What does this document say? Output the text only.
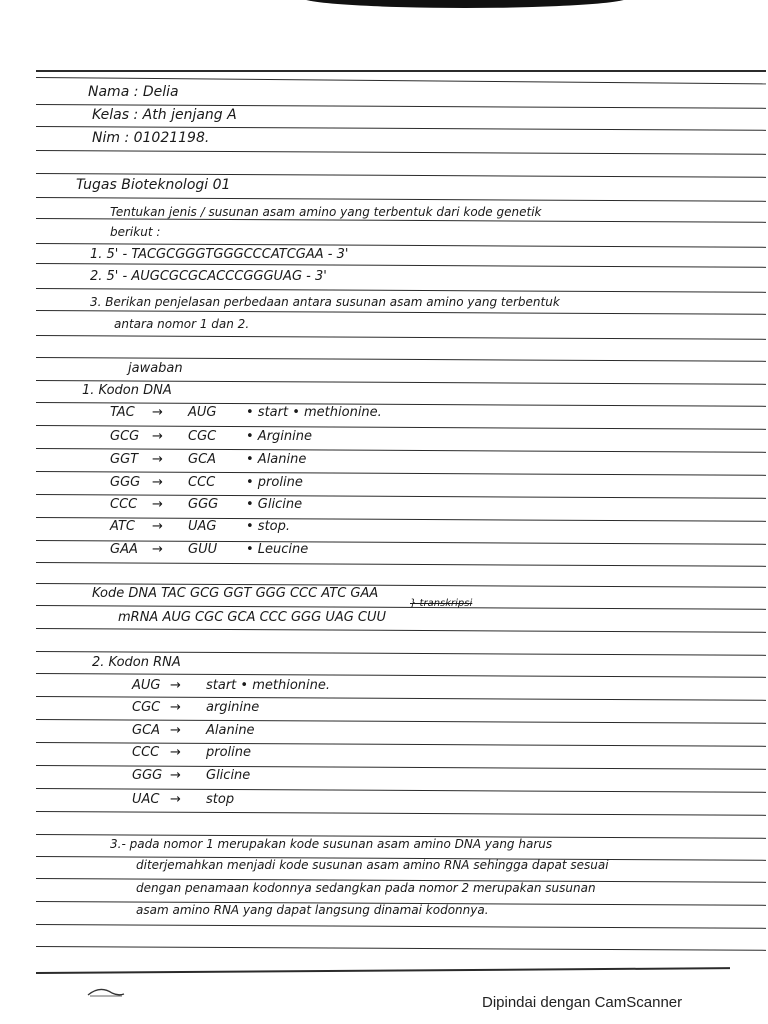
Nama : Delia
Kelas : Ath jenjang A
Nim : 01021198.
Tugas Bioteknologi 01
Tentukan jenis / susunan asam amino yang terbentuk dari kode genetik
berikut :
1. 5' - TACGCGGGTGGGCCCATCGAA - 3'
2. 5' - AUGCGCGCACCCGGGUAG - 3'
3. Berikan penjelasan perbedaan antara susunan asam amino yang terbentuk
antara nomor 1 dan 2.
jawaban
1. Kodon DNA
TAC → AUG • start • methionine.
GCG → CGC • Arginine
GGT → GCA • Alanine
GGG → CCC • proline
CCC → GGG • Glicine
ATC → UAG • stop.
GAA → GUU • Leucine
Kode DNA TAC GCG GGT GGG CCC ATC GAA
mRNA AUG CGC GCA CCC GGG UAG CUU
} transkripsi
2. Kodon RNA
AUG → start • methionine.
CGC → arginine
GCA → Alanine
CCC → proline
GGG → Glicine
UAC → stop
3.- pada nomor 1 merupakan kode susunan asam amino DNA yang harus
diterjemahkan menjadi kode susunan asam amino RNA sehingga dapat sesuai
dengan penamaan kodonnya sedangkan pada nomor 2 merupakan susunan
asam amino RNA yang dapat langsung dinamai kodonnya.
Dipindai dengan CamScanner
